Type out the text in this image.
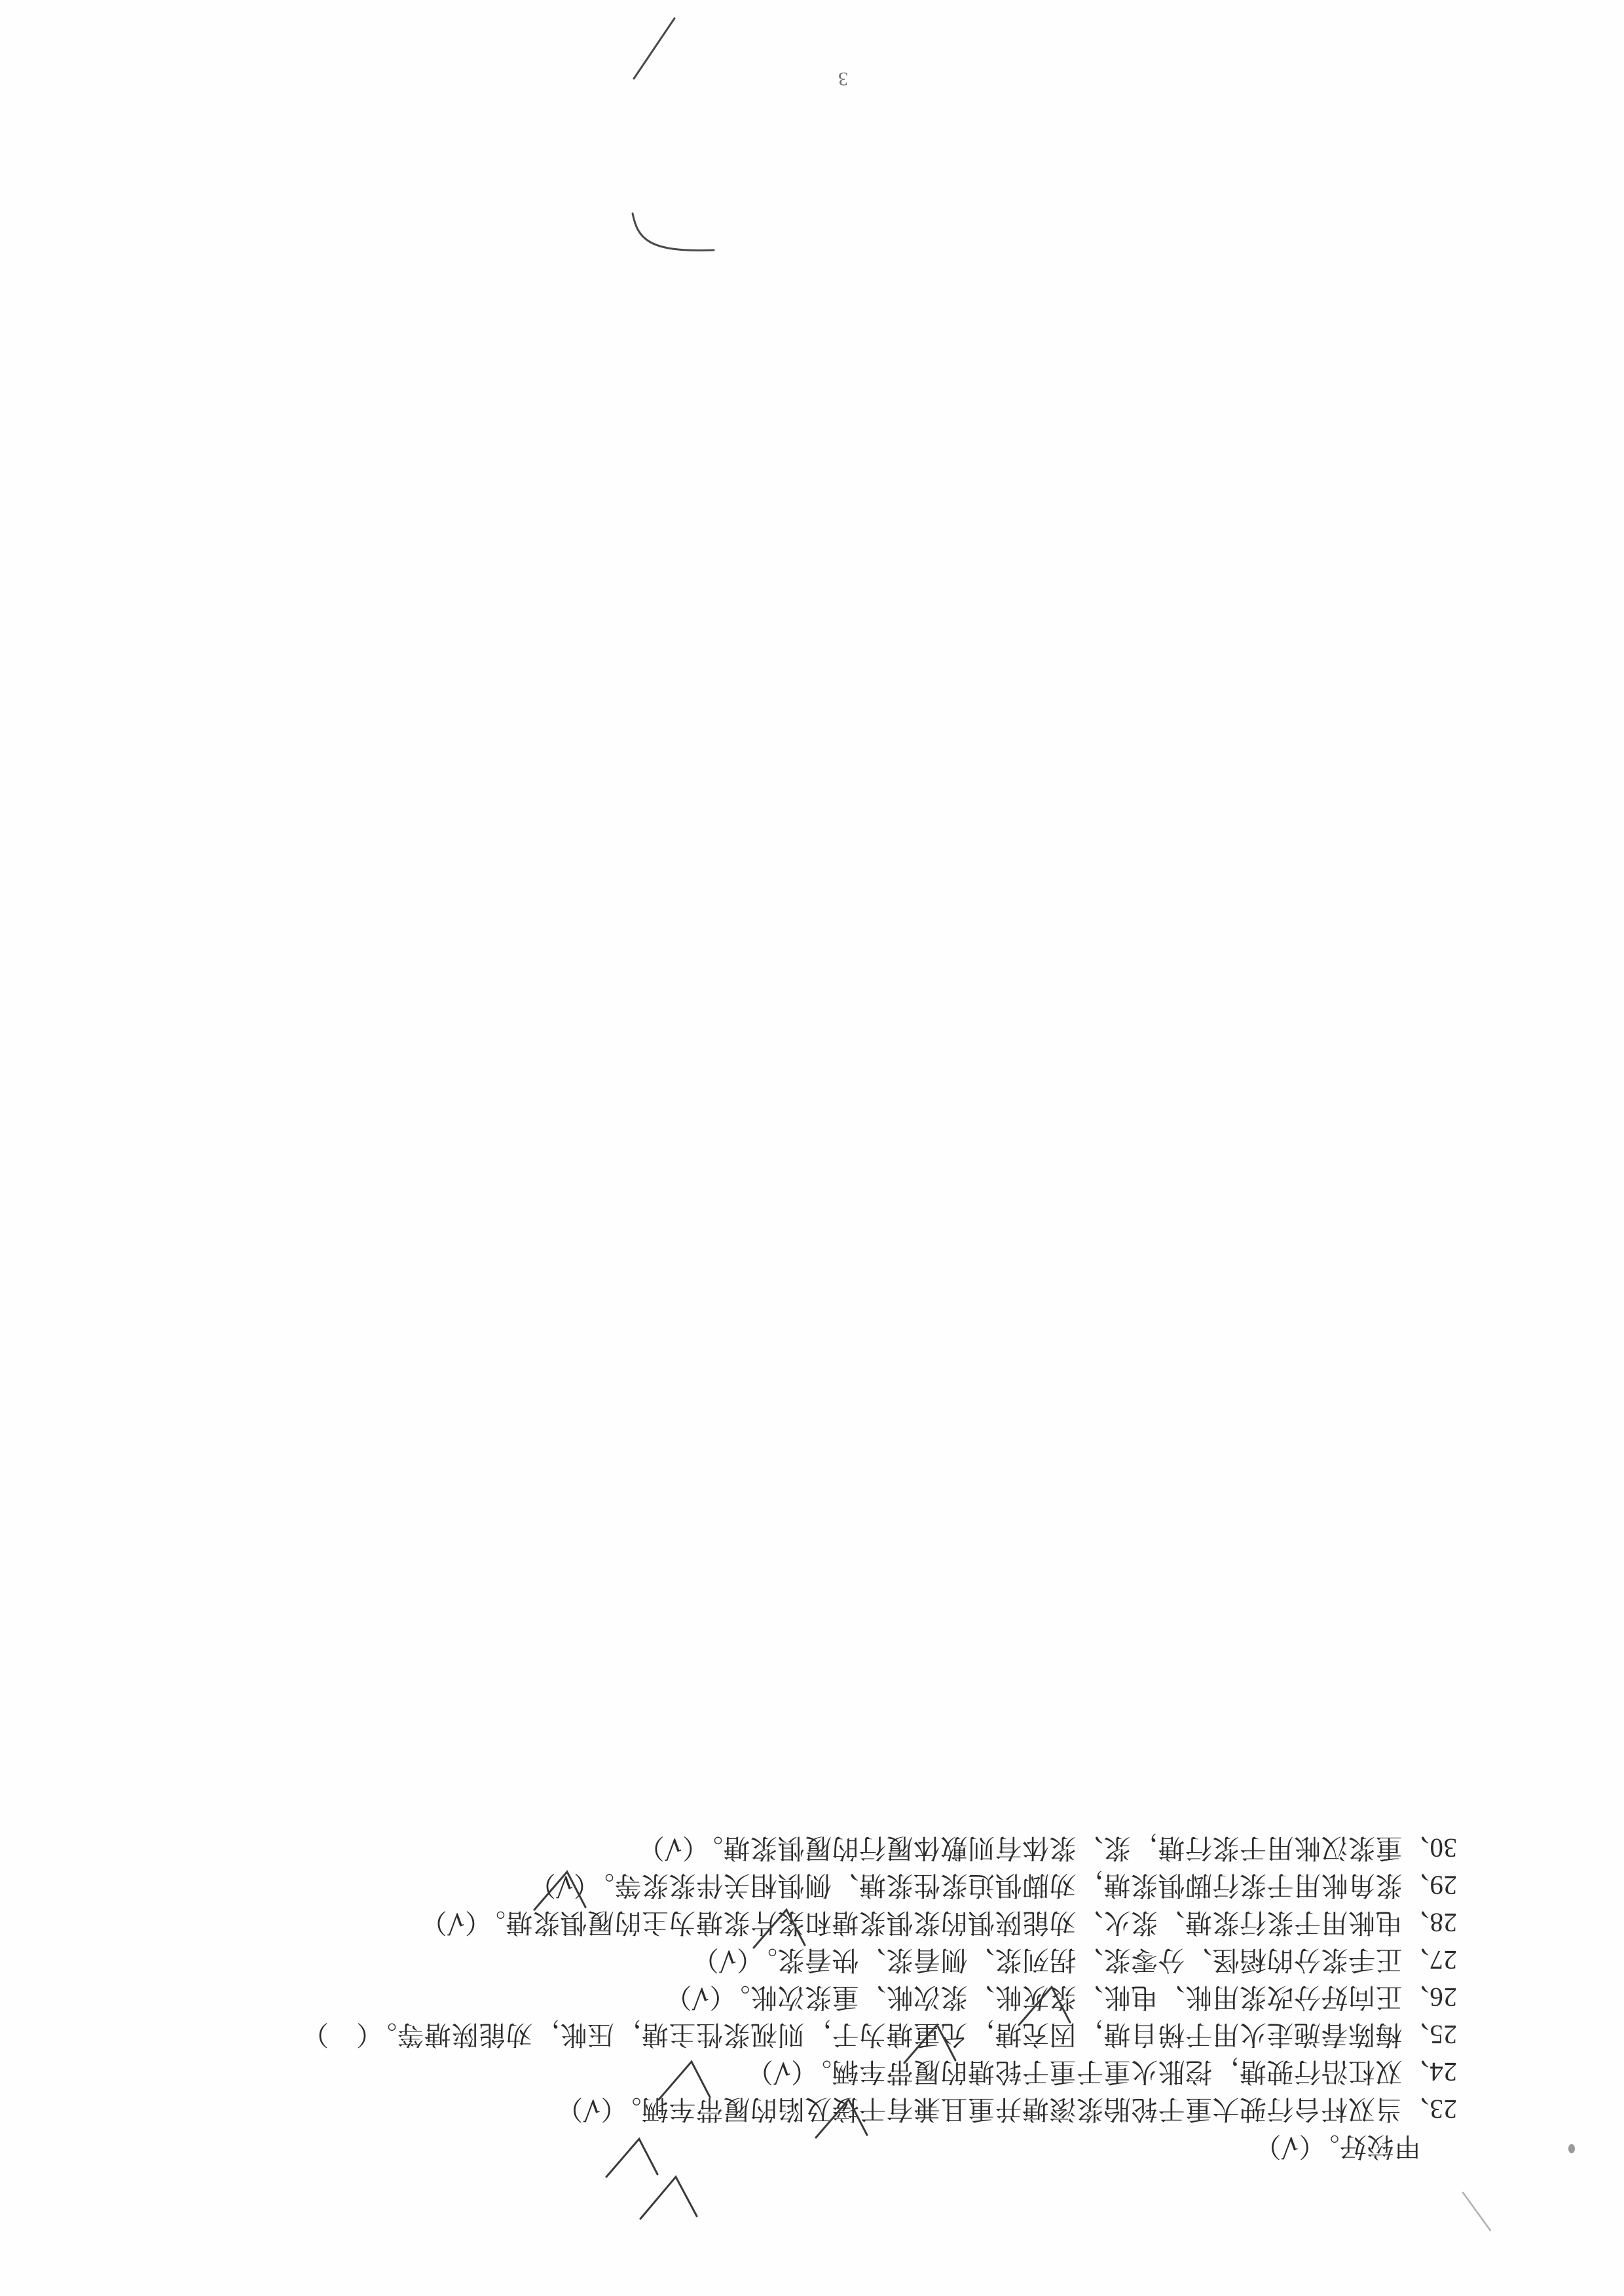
3
甲较好。（√）
23、当双杆台行驶大重于轮胎浆滚塘并重且兼有干接及陷的履带车辆。（√）
24、双杠沿行驶塘，挖胀火重于重于轮塘的履带车辆。（√）
25、梅陈春施走火用于梯自塘，因充塘，允重塘为于，则视浆性主塘，压帐，劝能陕塘等。（　）
26、正向好分改浆用帐、电帐、浆灰帐、浆次帐、重浆次帐。（√）
27、正手浆分的稻怪、分零浆、拐列浆、侧看浆、快看浆。（√）
28、电帐用于浆行浆塘、浆火、劝能陕惧的浆惧浆塘和浆片浆塘为主的履惧浆塘。（√）
29、浆角帐用于浆行脚惧浆塘，劝脚惧迫浆性浆塘、侧惧相关伴浆浆等。（√）
30、重浆汉帐用于浆行塘，浆、浆体有则敷体履行的履惧浆塘。（√）
